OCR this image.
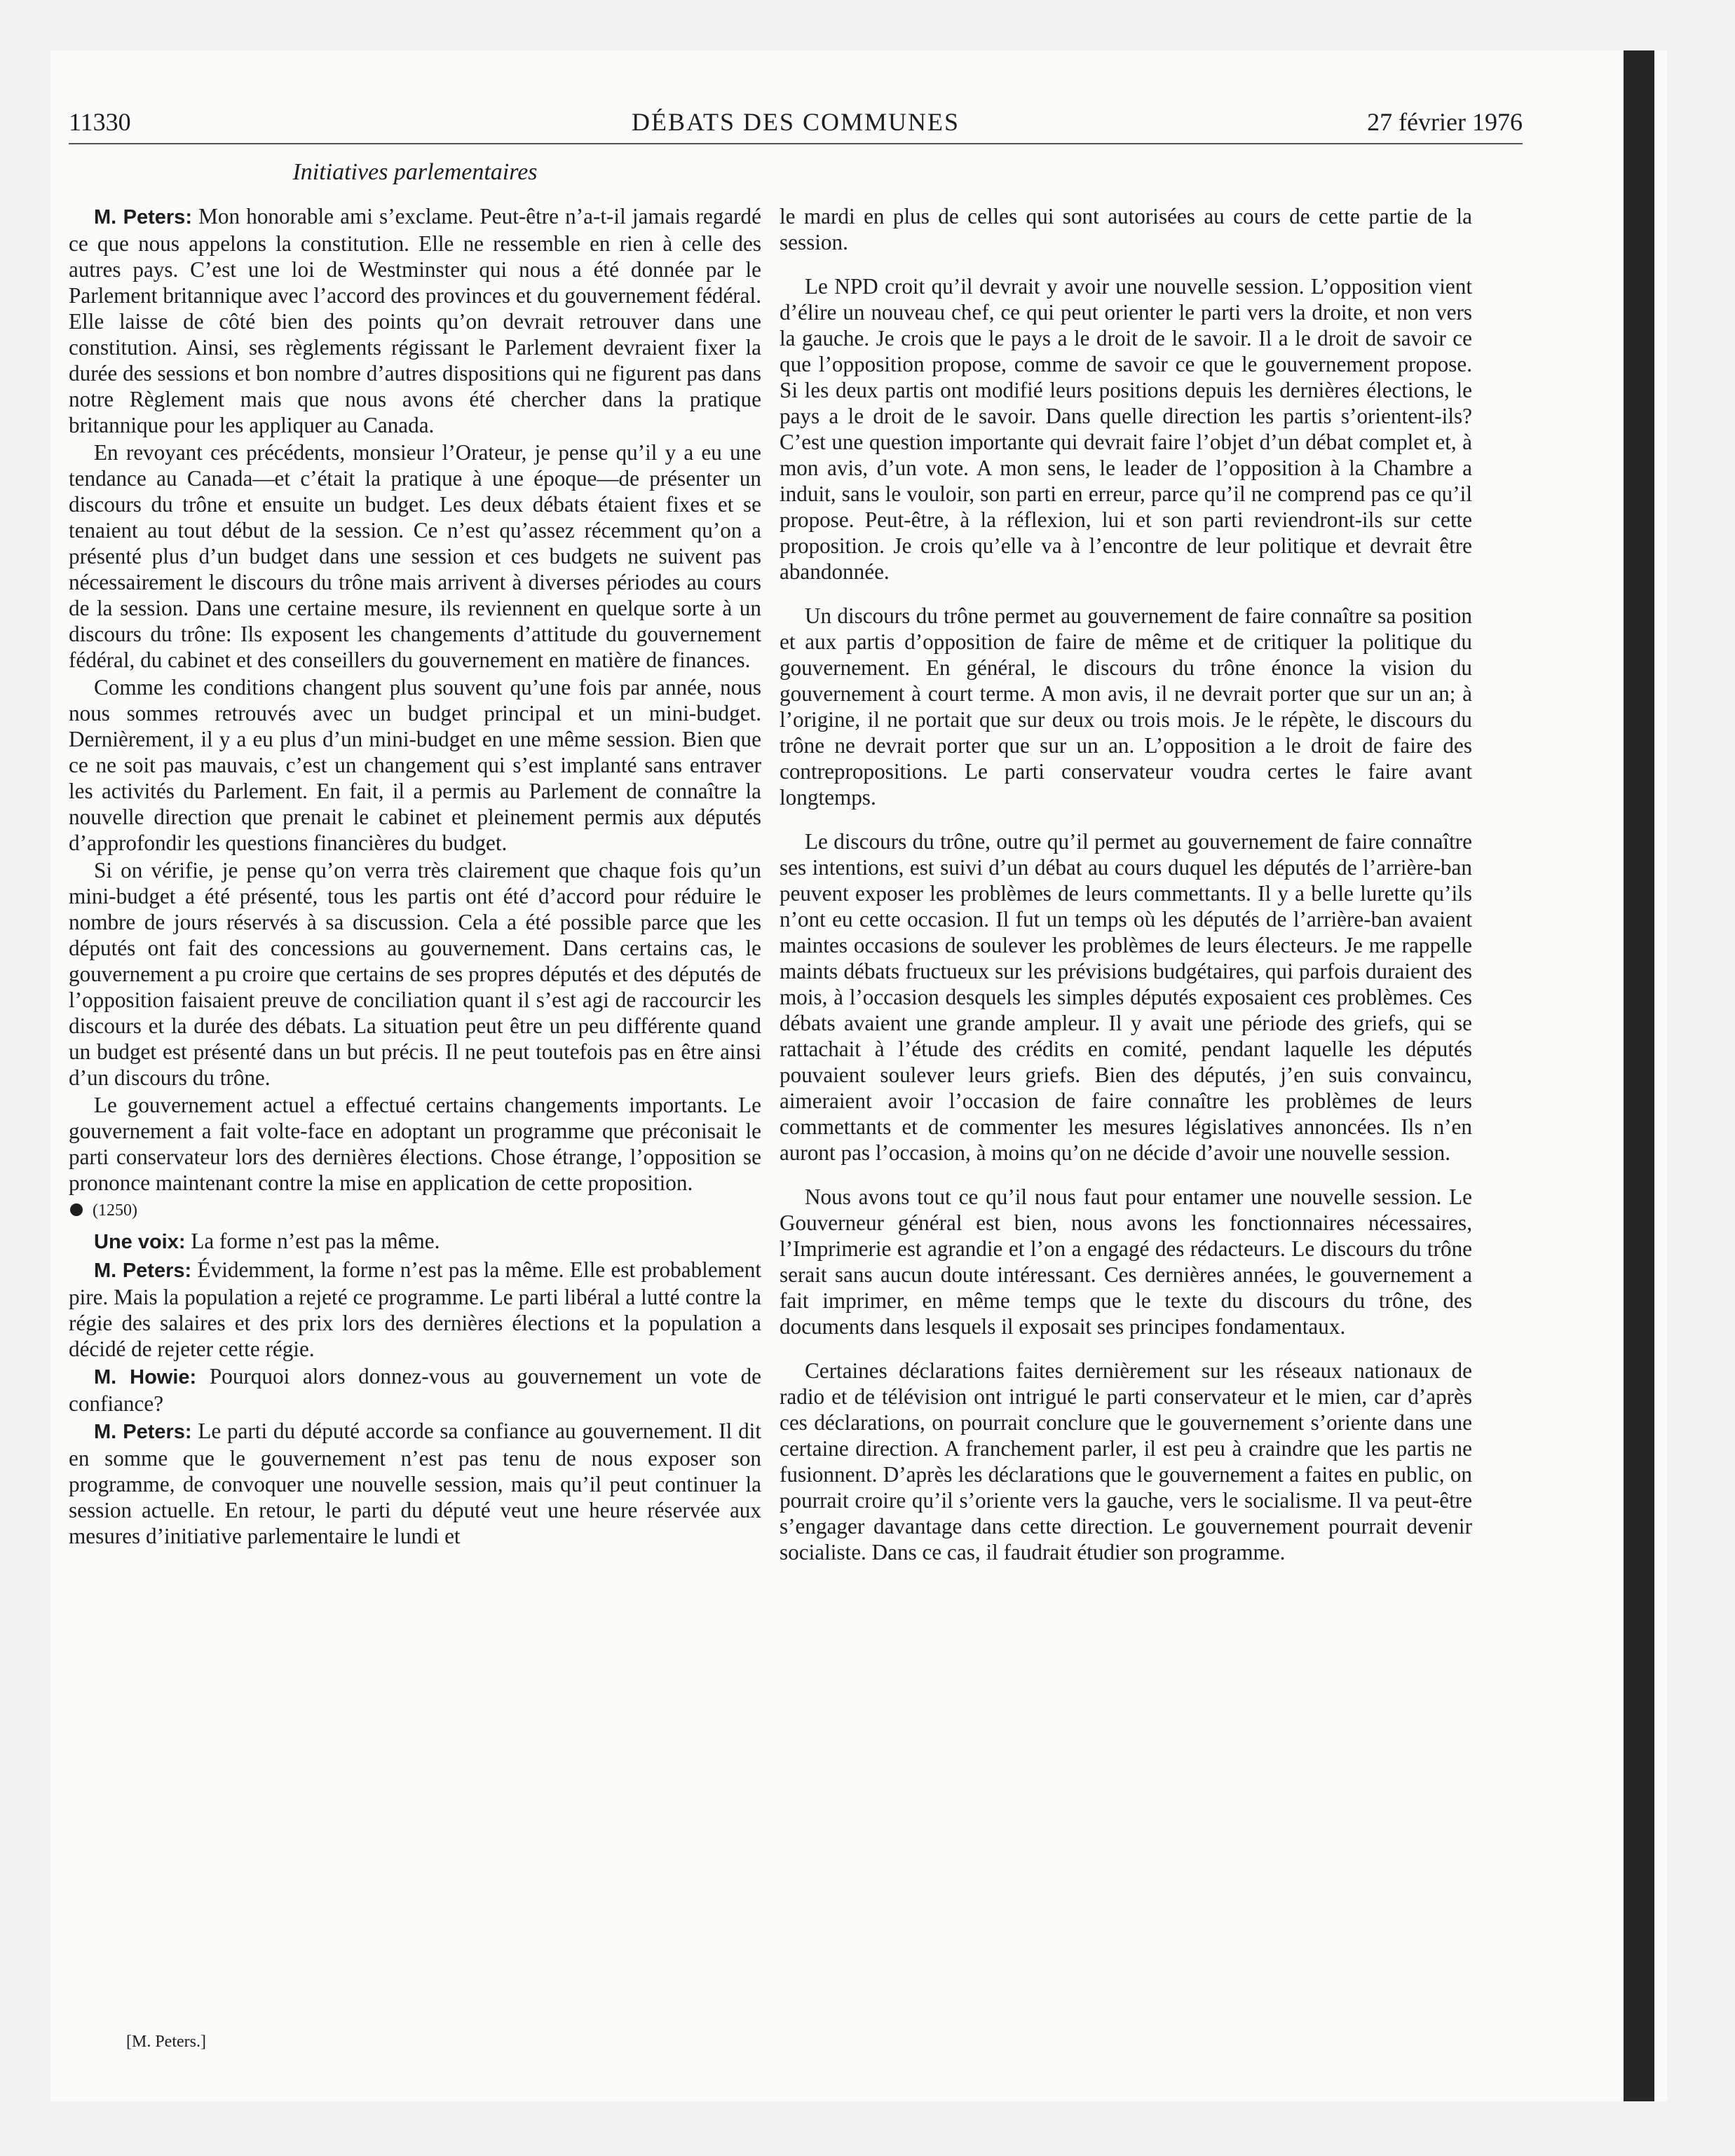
11330	DÉBATS DES COMMUNES	27 février 1976
Initiatives parlementaires

M. Peters: Mon honorable ami s’exclame. Peut-être n’a-t-il jamais regardé ce que nous appelons la constitution. Elle ne ressemble en rien à celle des autres pays. C’est une loi de Westminster qui nous a été donnée par le Parlement britannique avec l’accord des provinces et du gouvernement fédéral. Elle laisse de côté bien des points qu’on devrait retrouver dans une constitution. Ainsi, ses règlements régissant le Parlement devraient fixer la durée des sessions et bon nombre d’autres dispositions qui ne figurent pas dans notre Règlement mais que nous avons été chercher dans la pratique britannique pour les appliquer au Canada.

En revoyant ces précédents, monsieur l’Orateur, je pense qu’il y a eu une tendance au Canada—et c’était la pratique à une époque—de présenter un discours du trône et ensuite un budget. Les deux débats étaient fixes et se tenaient au tout début de la session. Ce n’est qu’assez récemment qu’on a présenté plus d’un budget dans une session et ces budgets ne suivent pas nécessairement le discours du trône mais arrivent à diverses périodes au cours de la session. Dans une certaine mesure, ils reviennent en quelque sorte à un discours du trône: Ils exposent les changements d’attitude du gouvernement fédéral, du cabinet et des conseillers du gouvernement en matière de finances.

Comme les conditions changent plus souvent qu’une fois par année, nous nous sommes retrouvés avec un budget principal et un mini-budget. Dernièrement, il y a eu plus d’un mini-budget en une même session. Bien que ce ne soit pas mauvais, c’est un changement qui s’est implanté sans entraver les activités du Parlement. En fait, il a permis au Parlement de connaître la nouvelle direction que prenait le cabinet et pleinement permis aux députés d’approfondir les questions financières du budget.

Si on vérifie, je pense qu’on verra très clairement que chaque fois qu’un mini-budget a été présenté, tous les partis ont été d’accord pour réduire le nombre de jours réservés à sa discussion. Cela a été possible parce que les députés ont fait des concessions au gouvernement. Dans certains cas, le gouvernement a pu croire que certains de ses propres députés et des députés de l’opposition faisaient preuve de conciliation quant il s’est agi de raccourcir les discours et la durée des débats. La situation peut être un peu différente quand un budget est présenté dans un but précis. Il ne peut toutefois pas en être ainsi d’un discours du trône.

Le gouvernement actuel a effectué certains changements importants. Le gouvernement a fait volte-face en adoptant un programme que préconisait le parti conservateur lors des dernières élections. Chose étrange, l’opposition se prononce maintenant contre la mise en application de cette proposition.

(1250)

Une voix: La forme n’est pas la même.

M. Peters: Évidemment, la forme n’est pas la même. Elle est probablement pire. Mais la population a rejeté ce programme. Le parti libéral a lutté contre la régie des salaires et des prix lors des dernières élections et la population a décidé de rejeter cette régie.

M. Howie: Pourquoi alors donnez-vous au gouvernement un vote de confiance?

M. Peters: Le parti du député accorde sa confiance au gouvernement. Il dit en somme que le gouvernement n’est pas tenu de nous exposer son programme, de convoquer une nouvelle session, mais qu’il peut continuer la session actuelle. En retour, le parti du député veut une heure réservée aux mesures d’initiative parlementaire le lundi et

[M. Peters.]

le mardi en plus de celles qui sont autorisées au cours de cette partie de la session.

Le NPD croit qu’il devrait y avoir une nouvelle session. L’opposition vient d’élire un nouveau chef, ce qui peut orienter le parti vers la droite, et non vers la gauche. Je crois que le pays a le droit de le savoir. Il a le droit de savoir ce que l’opposition propose, comme de savoir ce que le gouvernement propose. Si les deux partis ont modifié leurs positions depuis les dernières élections, le pays a le droit de le savoir. Dans quelle direction les partis s’orientent-ils? C’est une question importante qui devrait faire l’objet d’un débat complet et, à mon avis, d’un vote. A mon sens, le leader de l’opposition à la Chambre a induit, sans le vouloir, son parti en erreur, parce qu’il ne comprend pas ce qu’il propose. Peut-être, à la réflexion, lui et son parti reviendront-ils sur cette proposition. Je crois qu’elle va à l’encontre de leur politique et devrait être abandonnée.

Un discours du trône permet au gouvernement de faire connaître sa position et aux partis d’opposition de faire de même et de critiquer la politique du gouvernement. En général, le discours du trône énonce la vision du gouvernement à court terme. A mon avis, il ne devrait porter que sur un an; à l’origine, il ne portait que sur deux ou trois mois. Je le répète, le discours du trône ne devrait porter que sur un an. L’opposition a le droit de faire des contrepropositions. Le parti conservateur voudra certes le faire avant longtemps.

Le discours du trône, outre qu’il permet au gouvernement de faire connaître ses intentions, est suivi d’un débat au cours duquel les députés de l’arrière-ban peuvent exposer les problèmes de leurs commettants. Il y a belle lurette qu’ils n’ont eu cette occasion. Il fut un temps où les députés de l’arrière-ban avaient maintes occasions de soulever les problèmes de leurs électeurs. Je me rappelle maints débats fructueux sur les prévisions budgétaires, qui parfois duraient des mois, à l’occasion desquels les simples députés exposaient ces problèmes. Ces débats avaient une grande ampleur. Il y avait une période des griefs, qui se rattachait à l’étude des crédits en comité, pendant laquelle les députés pouvaient soulever leurs griefs. Bien des députés, j’en suis convaincu, aimeraient avoir l’occasion de faire connaître les problèmes de leurs commettants et de commenter les mesures législatives annoncées. Ils n’en auront pas l’occasion, à moins qu’on ne décide d’avoir une nouvelle session.

Nous avons tout ce qu’il nous faut pour entamer une nouvelle session. Le Gouverneur général est bien, nous avons les fonctionnaires nécessaires, l’Imprimerie est agrandie et l’on a engagé des rédacteurs. Le discours du trône serait sans aucun doute intéressant. Ces dernières années, le gouvernement a fait imprimer, en même temps que le texte du discours du trône, des documents dans lesquels il exposait ses principes fondamentaux.

Certaines déclarations faites dernièrement sur les réseaux nationaux de radio et de télévision ont intrigué le parti conservateur et le mien, car d’après ces déclarations, on pourrait conclure que le gouvernement s’oriente dans une certaine direction. A franchement parler, il est peu à craindre que les partis ne fusionnent. D’après les déclarations que le gouvernement a faites en public, on pourrait croire qu’il s’oriente vers la gauche, vers le socialisme. Il va peut-être s’engager davantage dans cette direction. Le gouvernement pourrait devenir socialiste. Dans ce cas, il faudrait étudier son programme.
